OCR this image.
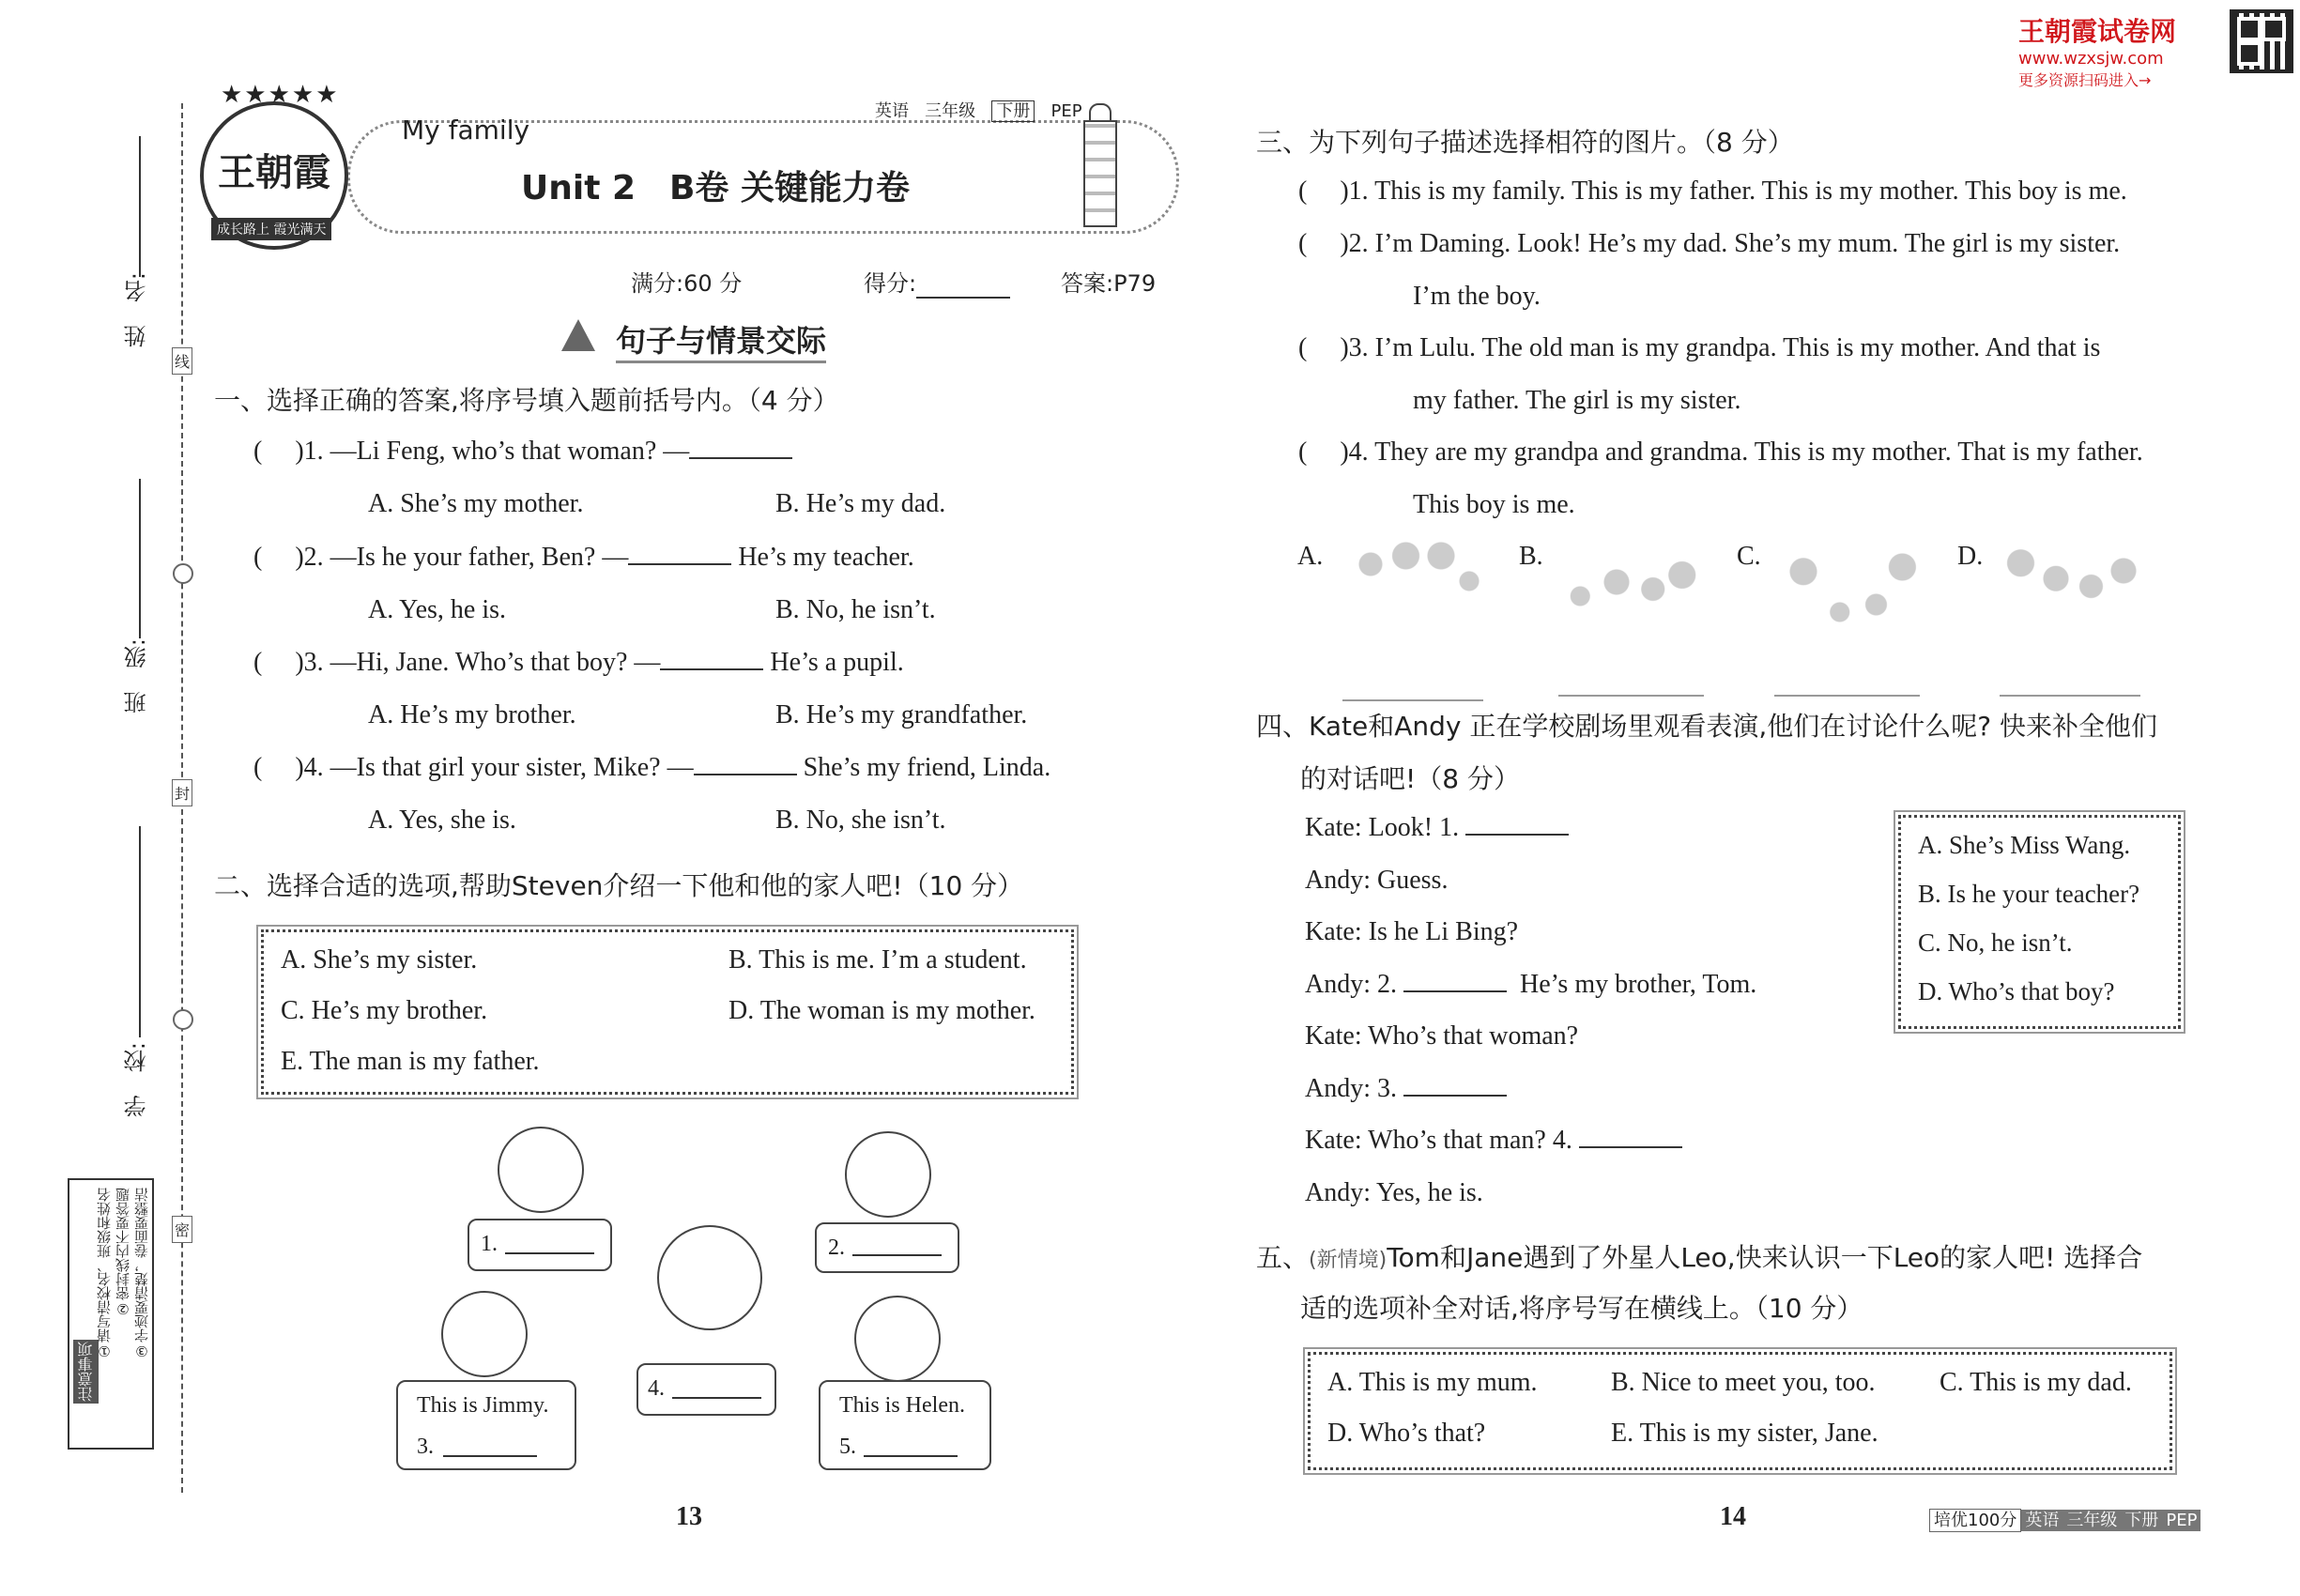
王朝霞试卷网
www.wzxsjw.com
更多资源扫码进入→
姓　名:
班　级:
学　校:
线
封
密
注意事项
①请写清校名、班级和姓名 ②密封线内不要答题 ③字迹要清楚，卷面要整洁
★★★★★
王朝霞
成长路上 霞光满天
My family
英语 三年级 下册 PEP
Unit 2　B卷 关键能力卷
满分:60 分	得分:	答案:P79
句子与情景交际
一、选择正确的答案,将序号填入题前括号内。（4 分）
( )1. —Li Feng, who’s that woman? —
A. She’s my mother.	B. He’s my dad.
( )2. —Is he your father, Ben? —	He’s my teacher.
A. Yes, he is.	B. No, he isn’t.
( )3. —Hi, Jane. Who’s that boy? —	He’s a pupil.
A. He’s my brother.	B. He’s my grandfather.
( )4. —Is that girl your sister, Mike? —	She’s my friend, Linda.
A. Yes, she is.	B. No, she isn’t.
二、选择合适的选项,帮助Steven介绍一下他和他的家人吧!（10 分）
A. She’s my sister.	B. This is me. I’m a student.
C. He’s my brother.	D. The woman is my mother.
E. The man is my father.
1.	2.
This is Jimmy.
3.
4.
This is Helen.
5.
13	14
三、为下列句子描述选择相符的图片。（8 分）
( )1. This is my family. This is my father. This is my mother. This boy is me.
( )2. I’m Daming. Look! He’s my dad. She’s my mum. The girl is my sister.
I’m the boy.
( )3. I’m Lulu. The old man is my grandpa. This is my mother. And that is
my father. The girl is my sister.
( )4. They are my grandpa and grandma. This is my mother. That is my father.
This boy is me.
A.	B.	C.	D.
四、Kate和Andy 正在学校剧场里观看表演,他们在讨论什么呢? 快来补全他们
的对话吧!（8 分）
Kate: Look! 1.
Andy: Guess.
Kate: Is he Li Bing?
Andy: 2.	He’s my brother, Tom.
Kate: Who’s that woman?
Andy: 3.
Kate: Who’s that man? 4.
Andy: Yes, he is.
A. She’s Miss Wang.
B. Is he your teacher?
C. No, he isn’t.
D. Who’s that boy?
五、(新情境)Tom和Jane遇到了外星人Leo,快来认识一下Leo的家人吧! 选择合
适的选项补全对话,将序号写在横线上。（10 分）
A. This is my mum.	B. Nice to meet you, too. C. This is my dad.
D. Who’s that?	E. This is my sister, Jane.
培优100分 英语 三年级 下册 PEP
